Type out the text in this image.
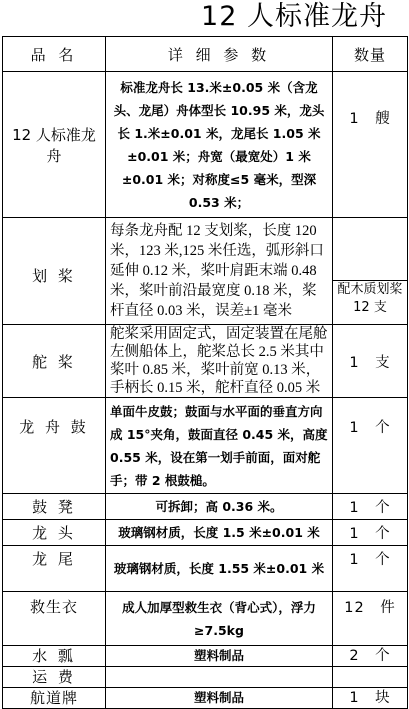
12 人标准龙舟
品 名	详 细 参 数	数量
12 人标准龙舟	标准龙舟长 13.米±0.05 米（含龙头、龙尾）舟体型长 10.95 米，龙头长 1.米±0.01 米，龙尾长 1.05 米±0.01 米；舟宽（最宽处）1 米±0.01 米；对称度≤5 毫米，型深 0.53 米；	1　艘
划 桨	每条龙舟配 12 支划桨，长度 120 米，123 米,125 米任选，弧形斜口延伸 0.12 米，桨叶肩距末端 0.48 米，桨叶前沿最宽度 0.18 米，桨杆直径 0.03 米，误差±1 毫米	配木质划桨 12 支

舵 桨	舵桨采用固定式，固定装置在尾舱左侧船体上，舵桨总长 2.5 米其中桨叶 0.85 米，桨叶前宽 0.13 米，手柄长 0.15 米，舵杆直径 0.05 米	1　支
龙 舟 鼓	单面牛皮鼓；鼓面与水平面的垂直方向成 15°夹角，鼓面直径 0.45 米，高度 0.55 米，设在第一划手前面，面对舵手；带 2 根鼓槌。	1　个
鼓 凳	可拆卸；高 0.36 米。	1　个
龙 头	玻璃钢材质，长度 1.5 米±0.01 米	1　个
龙 尾	玻璃钢材质，长度 1.55 米±0.01 米	1　个
救生衣	成人加厚型救生衣（背心式），浮力≥7.5kg	12　件
水 瓢	塑料制品	2　个
运 费		
航道牌	塑料制品	1　块
